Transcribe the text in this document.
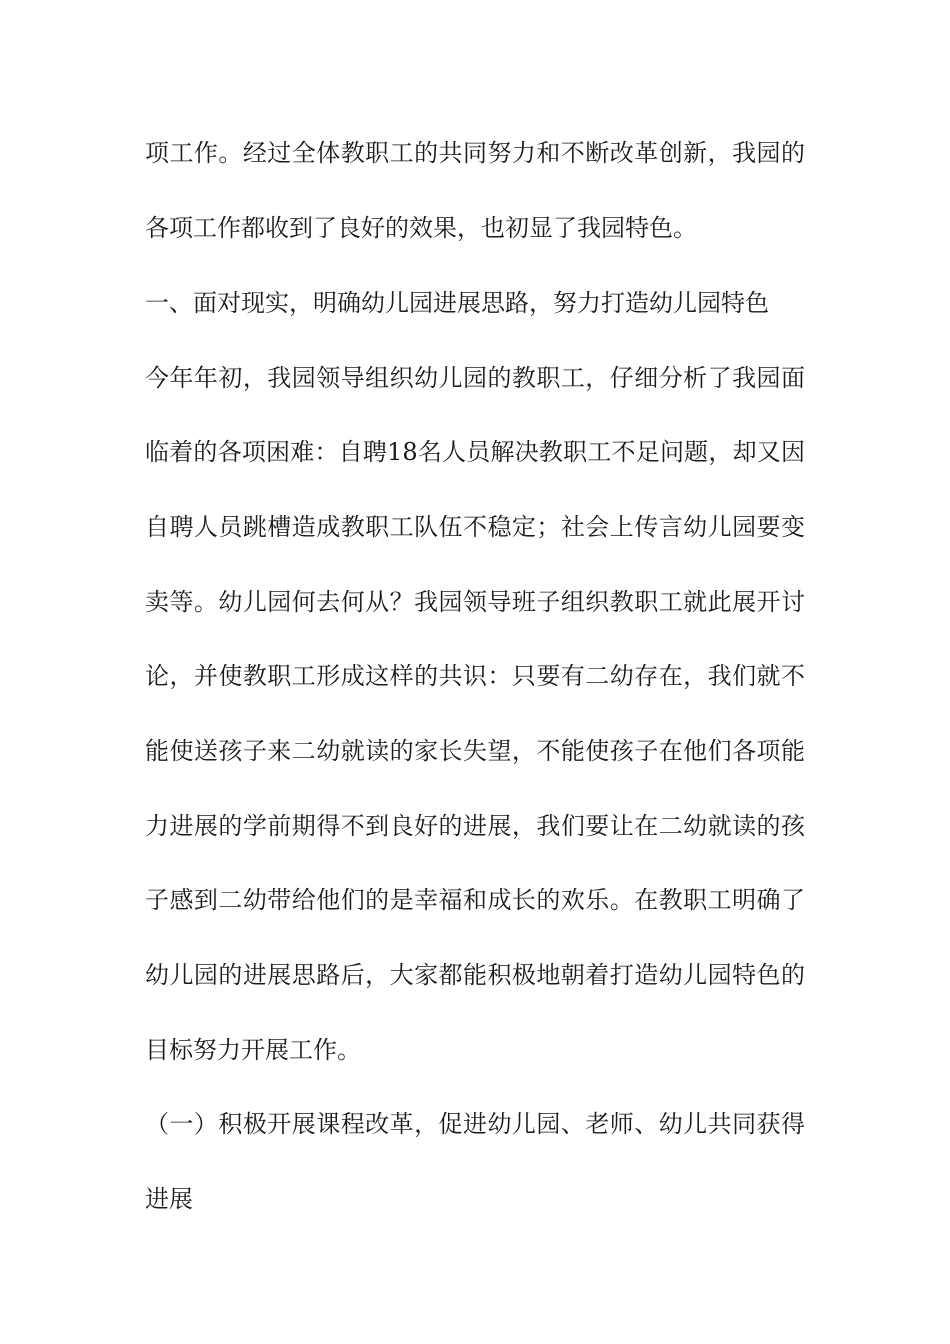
项工作。经过全体教职工的共同努力和不断改革创新，我园的

各项工作都收到了良好的效果，也初显了我园特色。

一、面对现实，明确幼儿园进展思路，努力打造幼儿园特色

今年年初，我园领导组织幼儿园的教职工，仔细分析了我园面

临着的各项困难：自聘18名人员解决教职工不足问题，却又因

自聘人员跳槽造成教职工队伍不稳定；社会上传言幼儿园要变

卖等。幼儿园何去何从？我园领导班子组织教职工就此展开讨

论，并使教职工形成这样的共识：只要有二幼存在，我们就不

能使送孩子来二幼就读的家长失望，不能使孩子在他们各项能

力进展的学前期得不到良好的进展，我们要让在二幼就读的孩

子感到二幼带给他们的是幸福和成长的欢乐。在教职工明确了

幼儿园的进展思路后，大家都能积极地朝着打造幼儿园特色的

目标努力开展工作。

（一）积极开展课程改革，促进幼儿园、老师、幼儿共同获得

进展
